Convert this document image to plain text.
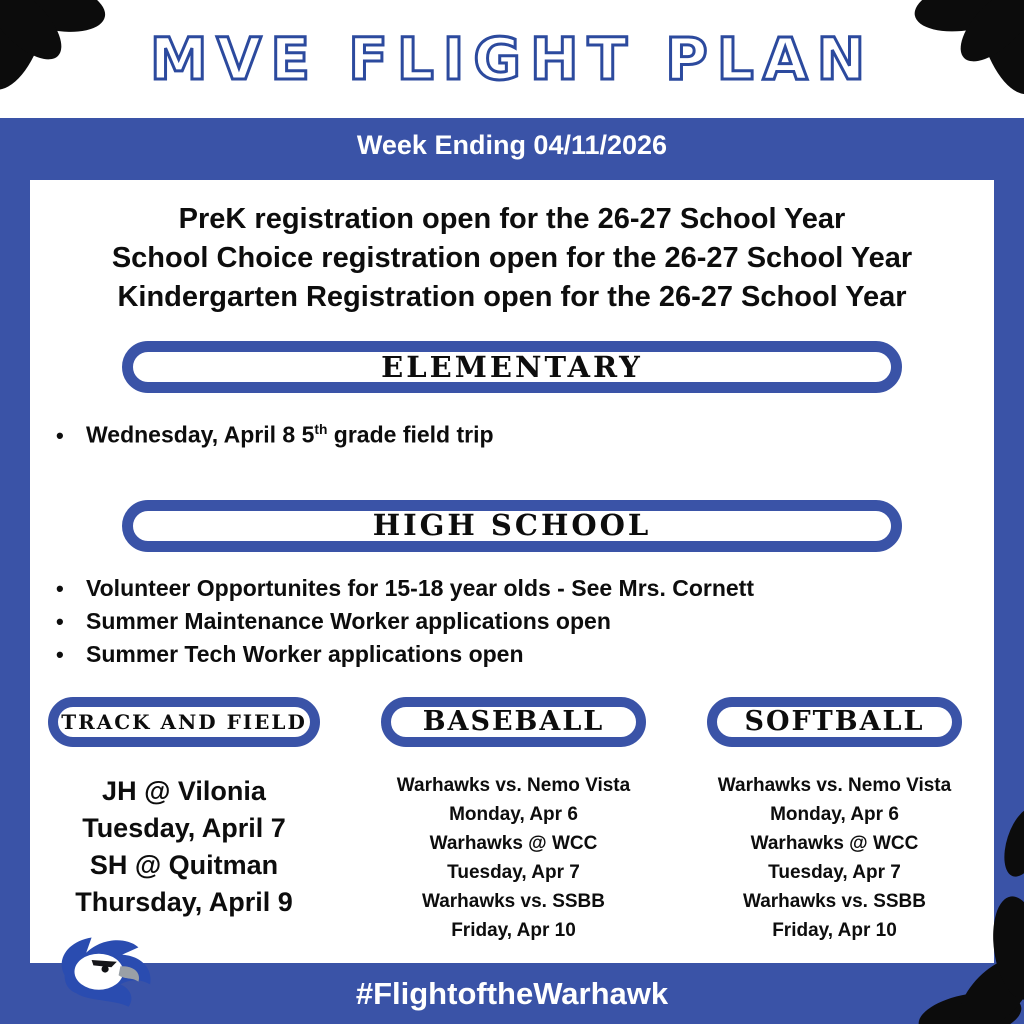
MVE FLIGHT PLAN
Week Ending 04/11/2026
PreK registration open for the 26-27 School Year
School Choice registration open for the 26-27 School Year
Kindergarten Registration open for the 26-27 School Year
ELEMENTARY
• Wednesday, April 8 5th grade field trip
HIGH SCHOOL
• Volunteer Opportunites for 15-18 year olds - See Mrs. Cornett
• Summer Maintenance Worker applications open
• Summer Tech Worker applications open
TRACK AND FIELD
JH @ Vilonia
Tuesday, April 7
SH @ Quitman
Thursday, April 9
BASEBALL
Warhawks vs. Nemo Vista
Monday, Apr 6
Warhawks @ WCC
Tuesday, Apr 7
Warhawks vs. SSBB
Friday, Apr 10
SOFTBALL
Warhawks vs. Nemo Vista
Monday, Apr 6
Warhawks @ WCC
Tuesday, Apr 7
Warhawks vs. SSBB
Friday, Apr 10
#FlightoftheWarhawk
